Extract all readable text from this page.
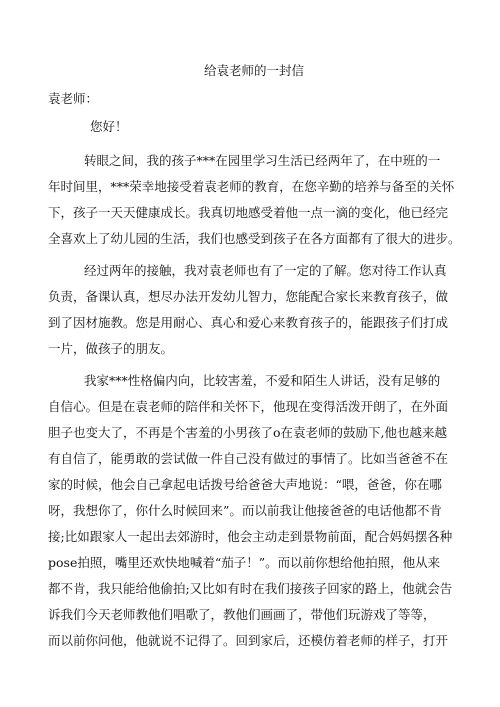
给袁老师的一封信
袁老师：
您好！
转眼之间，我的孩子***在园里学习生活已经两年了，在中班的一
年时间里，***荣幸地接受着袁老师的教育，在您辛勤的培养与备至的关怀
下，孩子一天天健康成长。我真切地感受着他一点一滴的变化，他已经完
全喜欢上了幼儿园的生活，我们也感受到孩子在各方面都有了很大的进步。
经过两年的接触，我对袁老师也有了一定的了解。您对待工作认真
负责，备课认真，想尽办法开发幼儿智力，您能配合家长来教育孩子，做
到了因材施教。您是用耐心、真心和爱心来教育孩子的，能跟孩子们打成
一片，做孩子的朋友。
我家***性格偏内向，比较害羞，不爱和陌生人讲话，没有足够的
自信心。但是在袁老师的陪伴和关怀下，他现在变得活泼开朗了，在外面
胆子也变大了，不再是个害羞的小男孩了o在袁老师的鼓励下,他也越来越
有自信了，能勇敢的尝试做一件自己没有做过的事情了。比如当爸爸不在
家的时候，他会自己拿起电话拨号给爸爸大声地说：“喂，爸爸，你在哪
呀，我想你了，你什么时候回来”。而以前我让他接爸爸的电话他都不肯
接;比如跟家人一起出去郊游时，他会主动走到景物前面，配合妈妈摆各种
pose拍照，嘴里还欢快地喊着“茄子！”。而以前你想给他拍照，他从来
都不肯，我只能给他偷拍;又比如有时在我们接孩子回家的路上，他就会告
诉我们今天老师教他们唱歌了，教他们画画了，带他们玩游戏了等等，
而以前你问他，他就说不记得了。回到家后，还模仿着老师的样子，打开
